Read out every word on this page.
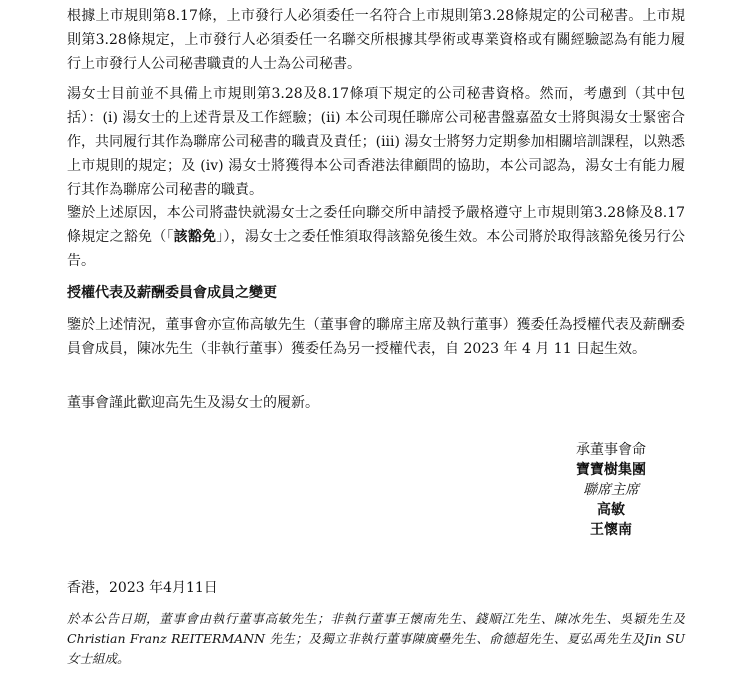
根據上市規則第8.17條，上市發行人必須委任一名符合上市規則第3.28條規定的公司秘書。上市規則第3.28條規定，上市發行人必須委任一名聯交所根據其學術或專業資格或有關經驗認為有能力履行上市發行人公司秘書職責的人士為公司秘書。

湯女士目前並不具備上市規則第3.28及8.17條項下規定的公司秘書資格。然而，考慮到（其中包括）：(i) 湯女士的上述背景及工作經驗；(ii) 本公司現任聯席公司秘書盤嘉盈女士將與湯女士緊密合作，共同履行其作為聯席公司秘書的職責及責任；(iii) 湯女士將努力定期參加相關培訓課程，以熟悉上市規則的規定；及 (iv) 湯女士將獲得本公司香港法律顧問的協助，本公司認為，湯女士有能力履行其作為聯席公司秘書的職責。

鑒於上述原因，本公司將盡快就湯女士之委任向聯交所申請授予嚴格遵守上市規則第3.28條及8.17條規定之豁免（「該豁免」），湯女士之委任惟須取得該豁免後生效。本公司將於取得該豁免後另行公告。

授權代表及薪酬委員會成員之變更

鑒於上述情況，董事會亦宣佈高敏先生（董事會的聯席主席及執行董事）獲委任為授權代表及薪酬委員會成員，陳冰先生（非執行董事）獲委任為另一授權代表，自 2023 年 4 月 11 日起生效。

董事會謹此歡迎高先生及湯女士的履新。

承董事會命
寶寶樹集團
聯席主席
高敏
王懷南
香港，2023 年4月11日

於本公告日期，董事會由執行董事高敏先生；非執行董事王懷南先生、錢順江先生、陳冰先生、吳穎先生及Christian Franz REITERMANN 先生；及獨立非執行董事陳廣壘先生、俞德超先生、夏弘禹先生及Jin SU 女士組成。
